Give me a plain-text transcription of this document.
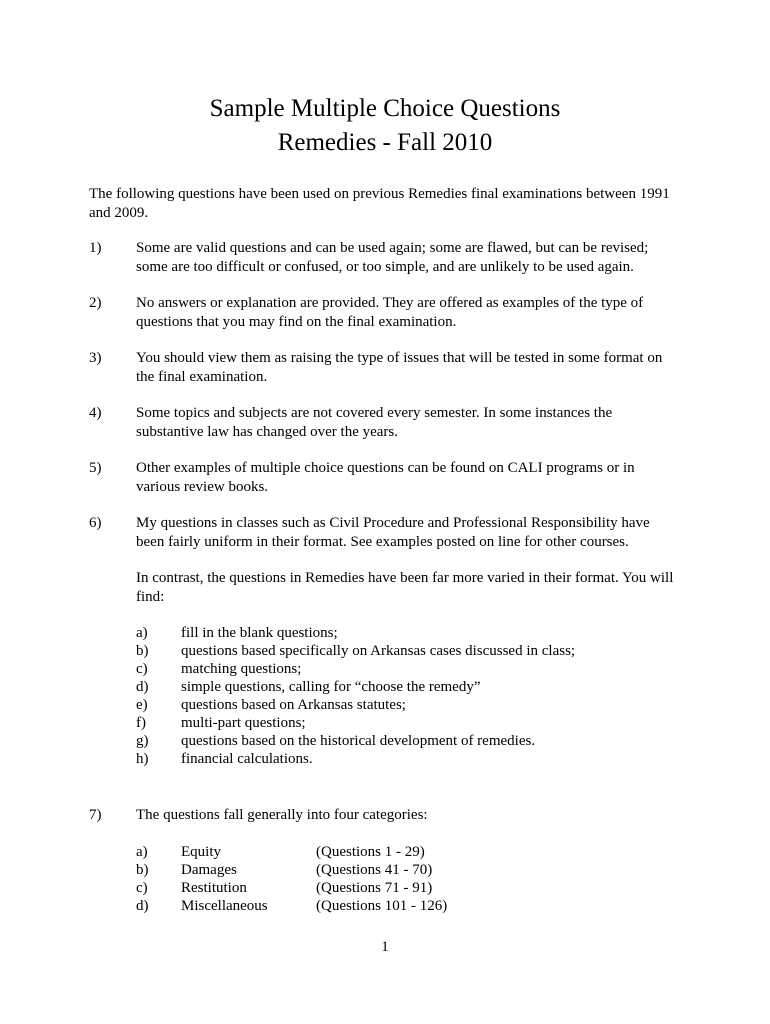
Sample Multiple Choice Questions
Remedies - Fall 2010
The following questions have been used on previous Remedies final examinations between 1991 and 2009.
1) Some are valid questions and can be used again; some are flawed, but can be revised; some are too difficult or confused, or too simple, and are unlikely to be used again.
2) No answers or explanation are provided. They are offered as examples of the type of questions that you may find on the final examination.
3) You should view them as raising the type of issues that will be tested in some format on the final examination.
4) Some topics and subjects are not covered every semester. In some instances the substantive law has changed over the years.
5) Other examples of multiple choice questions can be found on CALI programs or in various review books.
6) My questions in classes such as Civil Procedure and Professional Responsibility have been fairly uniform in their format. See examples posted on line for other courses.
In contrast, the questions in Remedies have been far more varied in their format. You will find:
a) fill in the blank questions;
b) questions based specifically on Arkansas cases discussed in class;
c) matching questions;
d) simple questions, calling for “choose the remedy”
e) questions based on Arkansas statutes;
f) multi-part questions;
g) questions based on the historical development of remedies.
h) financial calculations.
7) The questions fall generally into four categories:
a) Equity	(Questions 1 - 29)
b) Damages	(Questions 41 - 70)
c) Restitution	(Questions 71 - 91)
d) Miscellaneous	(Questions 101 - 126)
1
